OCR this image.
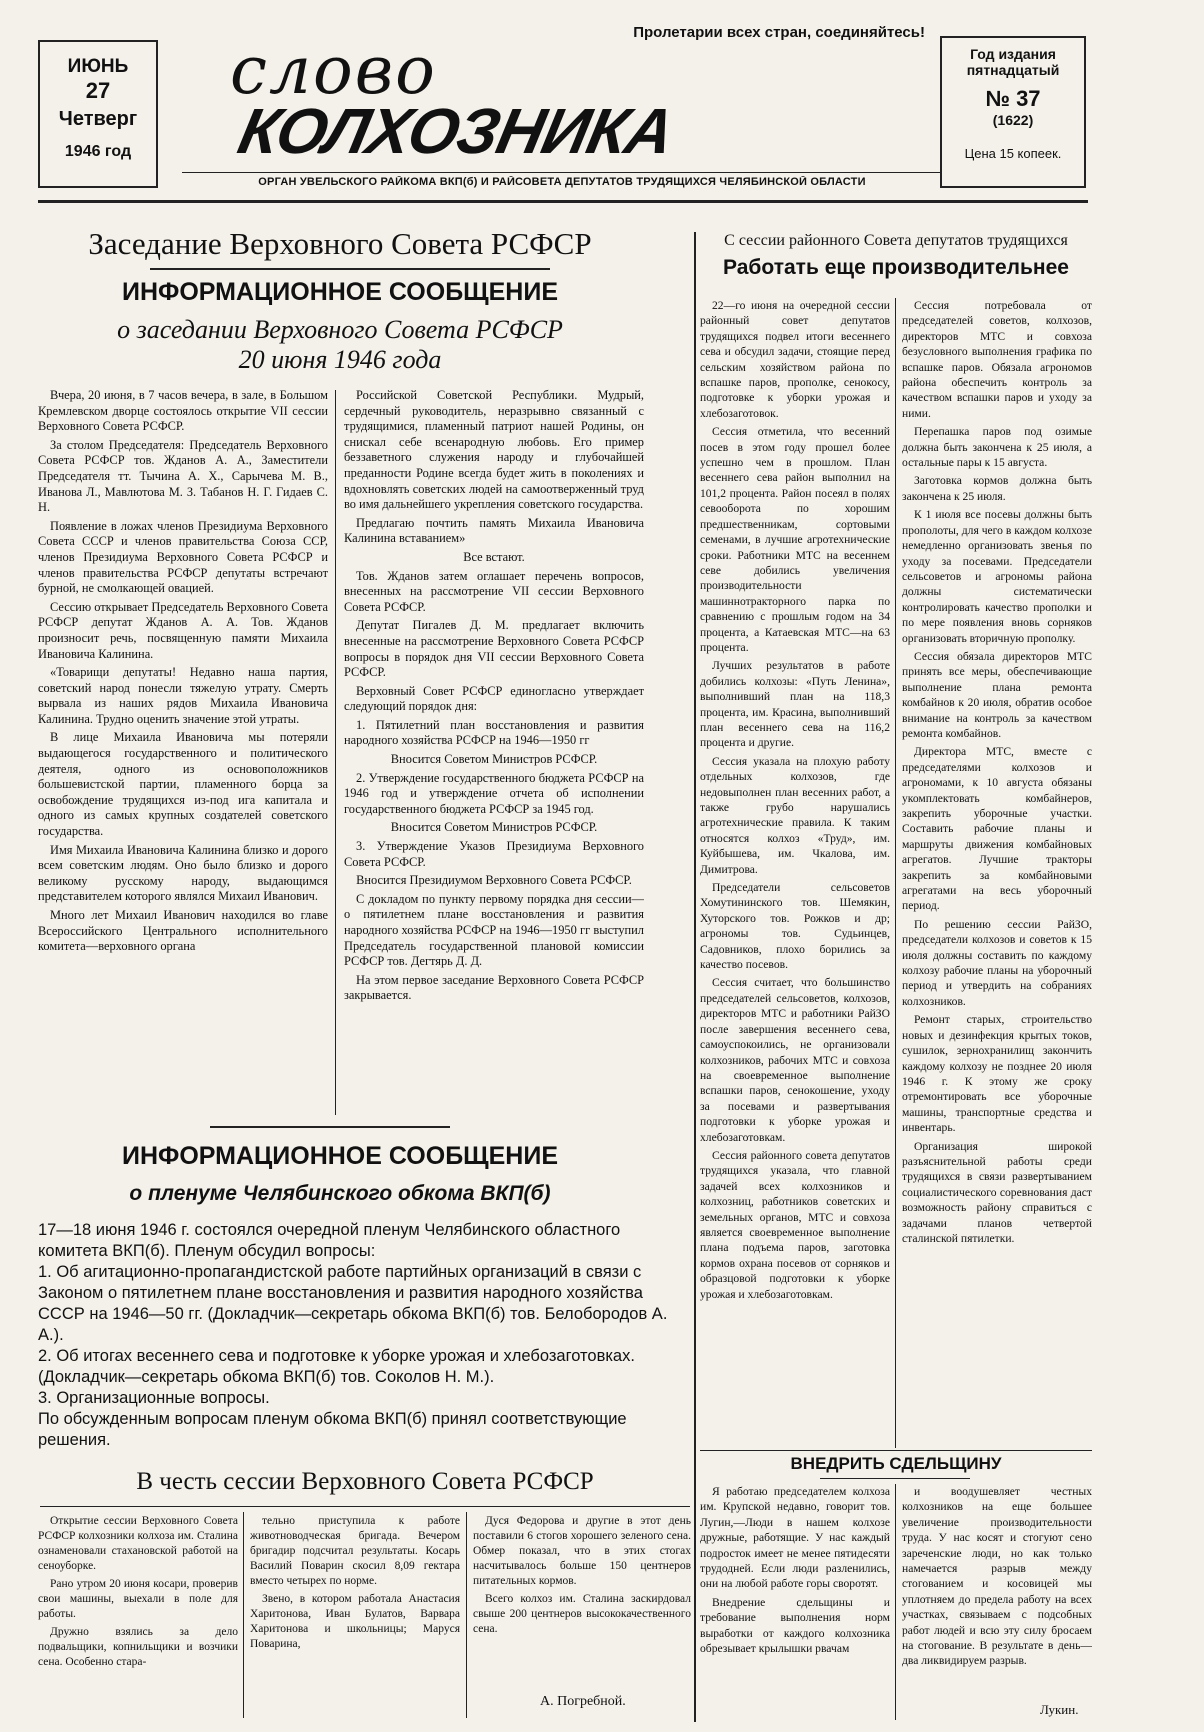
ИЮНЬ
27
Четверг
1946 год
Пролетарии всех стран, соединяйтесь!
слово
КОЛХОЗНИКА
ОРГАН УВЕЛЬСКОГО РАЙКОМА ВКП(б) И РАЙСОВЕТА ДЕПУТАТОВ ТРУДЯЩИХСЯ ЧЕЛЯБИНСКОЙ ОБЛАСТИ
Год издания
пятнадцатый
№ 37
(1622)
Цена 15 копеек.
Заседание Верховного Совета РСФСР
ИНФОРМАЦИОННОЕ СООБЩЕНИЕ
о заседании Верховного Совета РСФСР
20 июня 1946 года

Вчера, 20 июня, в 7 часов вечера, в зале, в Большом Кремлевском дворце состоялось открытие VII сессии Верховного Совета РСФСР.

За столом Председателя: Председатель Верховного Совета РСФСР тов. Жданов А. А., Заместители Председателя тт. Тычина А. Х., Сарычева М. В., Иванова Л., Мавлютова М. З. Табанов Н. Г. Гидаев С. Н.

Появление в ложах членов Президиума Верховного Совета СССР и членов правительства Союза ССР, членов Президиума Верховного Совета РСФСР и членов правительства РСФСР депутаты встречают бурной, не смолкающей овацией.

Сессию открывает Председатель Верховного Совета РСФСР депутат Жданов А. А. Тов. Жданов произносит речь, посвященную памяти Михаила Ивановича Калинина.

«Товарищи депутаты! Недавно наша партия, советский народ понесли тяжелую утрату. Смерть вырвала из наших рядов Михаила Ивановича Калинина. Трудно оценить значение этой утраты.

В лице Михаила Ивановича мы потеряли выдающегося государственного и политического деятеля, одного из основоположников большевистской партии, пламенного борца за освобождение трудящихся из-под ига капитала и одного из самых крупных создателей советского государства.

Имя Михаила Ивановича Калинина близко и дорого всем советским людям. Оно было близко и дорого великому русскому народу, выдающимся представителем которого являлся Михаил Иванович.

Много лет Михаил Иванович находился во главе Всероссийского Центрального исполнительного комитета—верховного органа

Российской Советской Республики. Мудрый, сердечный руководитель, неразрывно связанный с трудящимися, пламенный патриот нашей Родины, он снискал себе всенародную любовь. Его пример беззаветного служения народу и глубочайшей преданности Родине всегда будет жить в поколениях и вдохновлять советских людей на самоотверженный труд во имя дальнейшего укрепления советского государства.

Предлагаю почтить память Михаила Ивановича Калинина вставанием»

Все встают.

Тов. Жданов затем оглашает перечень вопросов, внесенных на рассмотрение VII сессии Верховного Совета РСФСР.

Депутат Пигалев Д. М. предлагает включить внесенные на рассмотрение Верховного Совета РСФСР вопросы в порядок дня VII сессии Верховного Совета РСФСР.

Верховный Совет РСФСР единогласно утверждает следующий порядок дня:

1. Пятилетний план восстановления и развития народного хозяйства РСФСР на 1946—1950 гг

Вносится Советом Министров РСФСР.

2. Утверждение государственного бюджета РСФСР на 1946 год и утверждение отчета об исполнении государственного бюджета РСФСР за 1945 год.

Вносится Советом Министров РСФСР.

3. Утверждение Указов Президиума Верховного Совета РСФСР.

Вносится Президиумом Верховного Совета РСФСР.

С докладом по пункту первому порядка дня сессии—о пятилетнем плане восстановления и развития народного хозяйства РСФСР на 1946—1950 гг выступил Председатель государственной плановой комиссии РСФСР тов. Дегтярь Д. Д.

На этом первое заседание Верховного Совета РСФСР закрывается.

ИНФОРМАЦИОННОЕ СООБЩЕНИЕ
о пленуме Челябинского обкома ВКП(б)
17—18 июня 1946 г. состоялся очередной пленум Челябинского областного комитета ВКП(б). Пленум обсудил вопросы:
1. Об агитационно-пропагандистской работе партийных организаций в связи с Законом о пятилетнем плане восстановления и развития народного хозяйства СССР на 1946—50 гг. (Докладчик—секретарь обкома ВКП(б) тов. Белобородов А. А.).
2. Об итогах весеннего сева и подготовке к уборке урожая и хлебозаготовках. (Докладчик—секретарь обкома ВКП(б) тов. Соколов Н. М.).
3. Организационные вопросы.
По обсужденным вопросам пленум обкома ВКП(б) принял соответствующие решения.
В честь сессии Верховного Совета РСФСР

Открытие сессии Верховного Совета РСФСР колхозники колхоза им. Сталина ознаменовали стахановской работой на сеноуборке.

Рано утром 20 июня косари, проверив свои машины, выехали в поле для работы.

Дружно взялись за дело подвальщики, копнильщики и возчики сена. Особенно стара-

тельно приступила к работе животноводческая бригада. Вечером бригадир подсчитал результаты. Косарь Василий Поварин скосил 8,09 гектара вместо четырех по норме.

Звено, в котором работала Анастасия Харитонова, Иван Булатов, Варвара Харитонова и школьницы; Маруся Поварина,

Дуся Федорова и другие в этот день поставили 6 стогов хорошего зеленого сена. Обмер показал, что в этих стогах насчитывалось больше 150 центнеров питательных кормов.

Всего колхоз им. Сталина заскирдовал свыше 200 центнеров высококачественного сена.

А. Погребной.
С сессии районного Совета депутатов трудящихся
Работать еще производительнее

22—го июня на очередной сессии районный совет депутатов трудящихся подвел итоги весеннего сева и обсудил задачи, стоящие перед сельским хозяйством района по вспашке паров, прополке, сенокосу, подготовке к уборки урожая и хлебозаготовок.

Сессия отметила, что весенний посев в этом году прошел более успешно чем в прошлом. План весеннего сева район выполнил на 101,2 процента. Район посеял в полях севооборота по хорошим предшественникам, сортовыми семенами, в лучшие агротехнические сроки. Работники МТС на весеннем севе добились увеличения производительности машиннотракторного парка по сравнению с прошлым годом на 34 процента, а Катаевская МТС—на 63 процента.

Лучших результатов в работе добились колхозы: «Путь Ленина», выполнивший план на 118,3 процента, им. Красина, выполнивший план весеннего сева на 116,2 процента и другие.

Сессия указала на плохую работу отдельных колхозов, где недовыполнен план весенних работ, а также грубо нарушались агротехнические правила. К таким относятся колхоз «Труд», им. Куйбышева, им. Чкалова, им. Димитрова.

Председатели сельсоветов Хомутининского тов. Шемякин, Хуторского тов. Рожков и др; агрономы тов. Судьинцев, Садовников, плохо борились за качество посевов.

Сессия считает, что большинство председателей сельсоветов, колхозов, директоров МТС и работники РайЗО после завершения весеннего сева, самоуспокоились, не организовали колхозников, рабочих МТС и совхоза на своевременное выполнение вспашки паров, сенокошение, уходу за посевами и развертывания подготовки к уборке урожая и хлебозаготовкам.

Сессия районного совета депутатов трудящихся указала, что главной задачей всех колхозников и колхозниц, работников советских и земельных органов, МТС и совхоза является своевременное выполнение плана подъема паров, заготовка кормов охрана посевов от сорняков и образцовой подготовки к уборке урожая и хлебозаготовкам.

Сессия потребовала от председателей советов, колхозов, директоров МТС и совхоза безусловного выполнения графика по вспашке паров. Обязала агрономов района обеспечить контроль за качеством вспашки паров и уходу за ними.

Перепашка паров под озимые должна быть закончена к 25 июля, а остальные пары к 15 августа.

Заготовка кормов должна быть закончена к 25 июля.

К 1 июля все посевы должны быть прополоты, для чего в каждом колхозе немедленно организовать звенья по уходу за посевами. Председатели сельсоветов и агрономы района должны систематически контролировать качество прополки и по мере появления вновь сорняков организовать вторичную прополку.

Сессия обязала директоров МТС принять все меры, обеспечивающие выполнение плана ремонта комбайнов к 20 июля, обратив особое внимание на контроль за качеством ремонта комбайнов.

Директора МТС, вместе с председателями колхозов и агрономами, к 10 августа обязаны укомплектовать комбайнеров, закрепить уборочные участки. Составить рабочие планы и маршруты движения комбайновых агрегатов. Лучшие тракторы закрепить за комбайновыми агрегатами на весь уборочный период.

По решению сессии РайЗО, председатели колхозов и советов к 15 июля должны составить по каждому колхозу рабочие планы на уборочный период и утвердить на собраниях колхозников.

Ремонт старых, строительство новых и дезинфекция крытых токов, сушилок, зернохранилищ закончить каждому колхозу не позднее 20 июля 1946 г. К этому же сроку отремонтировать все уборочные машины, транспортные средства и инвентарь.

Организация широкой разъяснительной работы среди трудящихся в связи развертыванием социалистического соревнования даст возможность району справиться с задачами планов четвертой сталинской пятилетки.

ВНЕДРИТЬ СДЕЛЬЩИНУ

Я работаю председателем колхоза им. Крупской недавно, говорит тов. Лугин,—Люди в нашем колхозе дружные, работящие. У нас каждый подросток имеет не менее пятидесяти трудодней. Если люди разленились, они на любой работе горы своротят.

Внедрение сдельщины и требование выполнения норм выработки от каждого колхозника обрезывает крылышки рвачам

и воодушевляет честных колхозников на еще большее увеличение производительности труда. У нас косят и стогуют сено зареченские люди, но как только намечается разрыв между стогованием и косовицей мы уплотняем до предела работу на всех участках, связываем с подсобных работ людей и всю эту силу бросаем на стогование. В результате в день—два ликвидируем разрыв.

Лукин.
